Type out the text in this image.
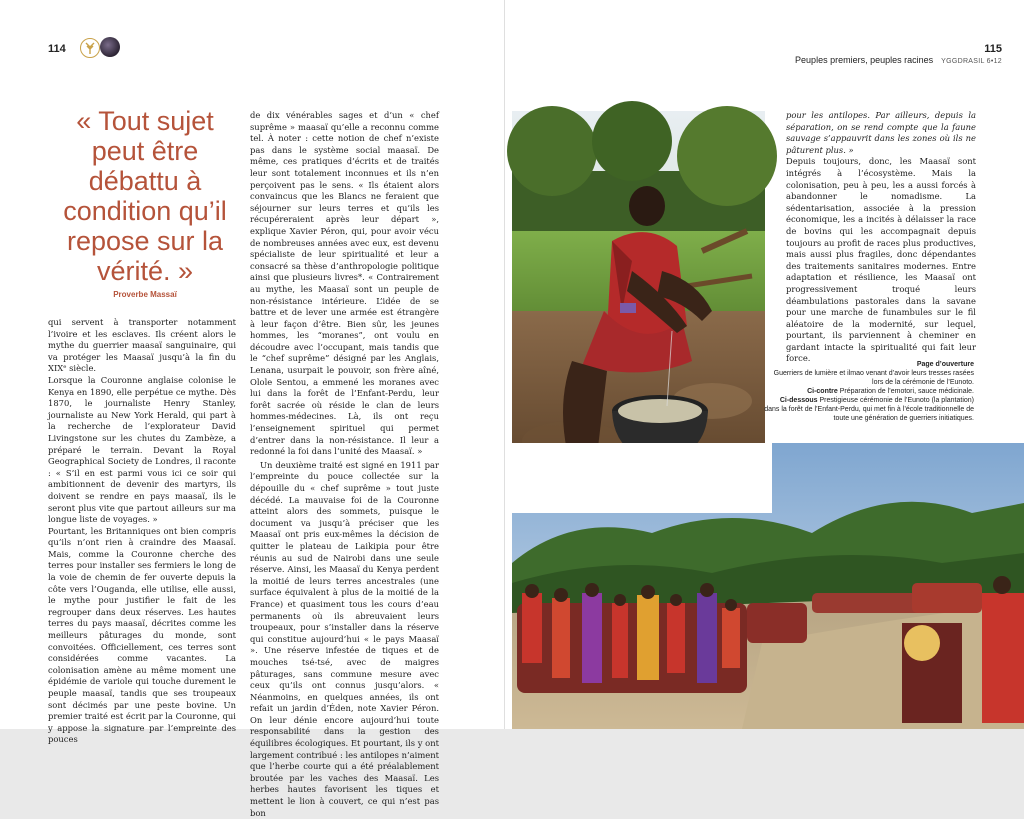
114
« Tout sujet peut être débattu à condition qu’il repose sur la vérité. »
Proverbe Massaï

qui servent à transporter notamment l’ivoire et les esclaves. Ils créent alors le mythe du guerrier maasaï sanguinaire, qui va protéger les Maasaï jusqu’à la fin du XIXᵉ siècle.

Lorsque la Couronne anglaise colonise le Kenya en 1890, elle perpétue ce mythe. Dès 1870, le journaliste Henry Stanley, journaliste au New York Herald, qui part à la recherche de l’explorateur David Livingstone sur les chutes du Zambèze, a préparé le terrain. Devant la Royal Geographical Society de Londres, il raconte : « S’il en est parmi vous ici ce soir qui ambitionnent de devenir des martyrs, ils doivent se rendre en pays maasaï, ils le seront plus vite que partout ailleurs sur ma longue liste de voyages. »

Pourtant, les Britanniques ont bien compris qu’ils n’ont rien à craindre des Maasaï. Mais, comme la Couronne cherche des terres pour installer ses fermiers le long de la voie de chemin de fer ouverte depuis la côte vers l’Ouganda, elle utilise, elle aussi, le mythe pour justifier le fait de les regrouper dans deux réserves. Les hautes terres du pays maasaï, décrites comme les meilleurs pâturages du monde, sont convoitées. Officiellement, ces terres sont considérées comme vacantes. La colonisation amène au même moment une épidémie de variole qui touche durement le peuple maasaï, tandis que ses troupeaux sont décimés par une peste bovine. Un premier traité est écrit par la Couronne, qui y appose la signature par l’empreinte des pouces

de dix vénérables sages et d’un « chef suprême » maasaï qu’elle a reconnu comme tel. À noter : cette notion de chef n’existe pas dans le système social maasaï. De même, ces pratiques d’écrits et de traités leur sont totalement inconnues et ils n’en perçoivent pas le sens. « Ils étaient alors convaincus que les Blancs ne feraient que séjourner sur leurs terres et qu’ils les récupéreraient après leur départ », explique Xavier Péron, qui, pour avoir vécu de nombreuses années avec eux, est devenu spécialiste de leur spiritualité et leur a consacré sa thèse d’anthropologie politique ainsi que plusieurs livres*. « Contrairement au mythe, les Maasaï sont un peuple de non-résistance intérieure. L’idée de se battre et de lever une armée est étrangère à leur façon d’être. Bien sûr, les jeunes hommes, les “moranes”, ont voulu en découdre avec l’occupant, mais tandis que le “chef suprême” désigné par les Anglais, Lenana, usurpait le pouvoir, son frère aîné, Olole Sentou, a emmené les moranes avec lui dans la forêt de l’Enfant-Perdu, leur forêt sacrée où réside le clan de leurs hommes-médecines. Là, ils ont reçu l’enseignement spirituel qui permet d’entrer dans la non-résistance. Il leur a redonné la foi dans l’unité des Maasaï. »

Un deuxième traité est signé en 1911 par l’empreinte du pouce collectée sur la dépouille du « chef suprême » tout juste décédé. La mauvaise foi de la Couronne atteint alors des sommets, puisque le document va jusqu’à préciser que les Maasaï ont pris eux-mêmes la décision de quitter le plateau de Laikipia pour être réunis au sud de Nairobi dans une seule réserve. Ainsi, les Maasaï du Kenya perdent la moitié de leurs terres ancestrales (une surface équivalent à plus de la moitié de la France) et quasiment tous les cours d’eau permanents où ils abreuvaient leurs troupeaux, pour s’installer dans la réserve qui constitue aujourd’hui « le pays Maasaï ». Une réserve infestée de tiques et de mouches tsé-tsé, avec de maigres pâturages, sans commune mesure avec ceux qu’ils ont connus jusqu’alors. « Néanmoins, en quelques années, ils ont refait un jardin d’Éden, note Xavier Péron. On leur dénie encore aujourd’hui toute responsabilité dans la gestion des équilibres écologiques. Et pourtant, ils y ont largement contribué : les antilopes n’aiment que l’herbe courte qui a été préalablement broutée par les vaches des Maasaï. Les herbes hautes favorisent les tiques et mettent le lion à couvert, ce qui n’est pas bon

115
Peuples premiers, peuples racines YGGDRASIL 6•12

pour les antilopes. Par ailleurs, depuis la séparation, on se rend compte que la faune sauvage s’appauvrit dans les zones où ils ne pâturent plus. »

Depuis toujours, donc, les Maasaï sont intégrés à l’écosystème. Mais la colonisation, peu à peu, les a aussi forcés à abandonner le nomadisme. La sédentarisation, associée à la pression économique, les a incités à délaisser la race de bovins qui les accompagnait depuis toujours au profit de races plus productives, mais aussi plus fragiles, donc dépendantes des traitements sanitaires modernes. Entre adaptation et résilience, les Maasaï ont progressivement troqué leurs déambulations pastorales dans la savane pour une marche de funambules sur le fil aléatoire de la modernité, sur lequel, pourtant, ils parviennent à cheminer en gardant intacte la spiritualité qui fait leur force.

Page d’ouverture
Guerriers de lumière et ilmao venant d’avoir leurs tresses rasées lors de la cérémonie de l’Eunoto.
Ci-contre Préparation de l’emotori, sauce médicinale.
Ci-dessous Prestigieuse cérémonie de l’Eunoto (la plantation) dans la forêt de l’Enfant-Perdu, qui met fin à l’école traditionnelle de toute une génération de guerriers initiatiques.
